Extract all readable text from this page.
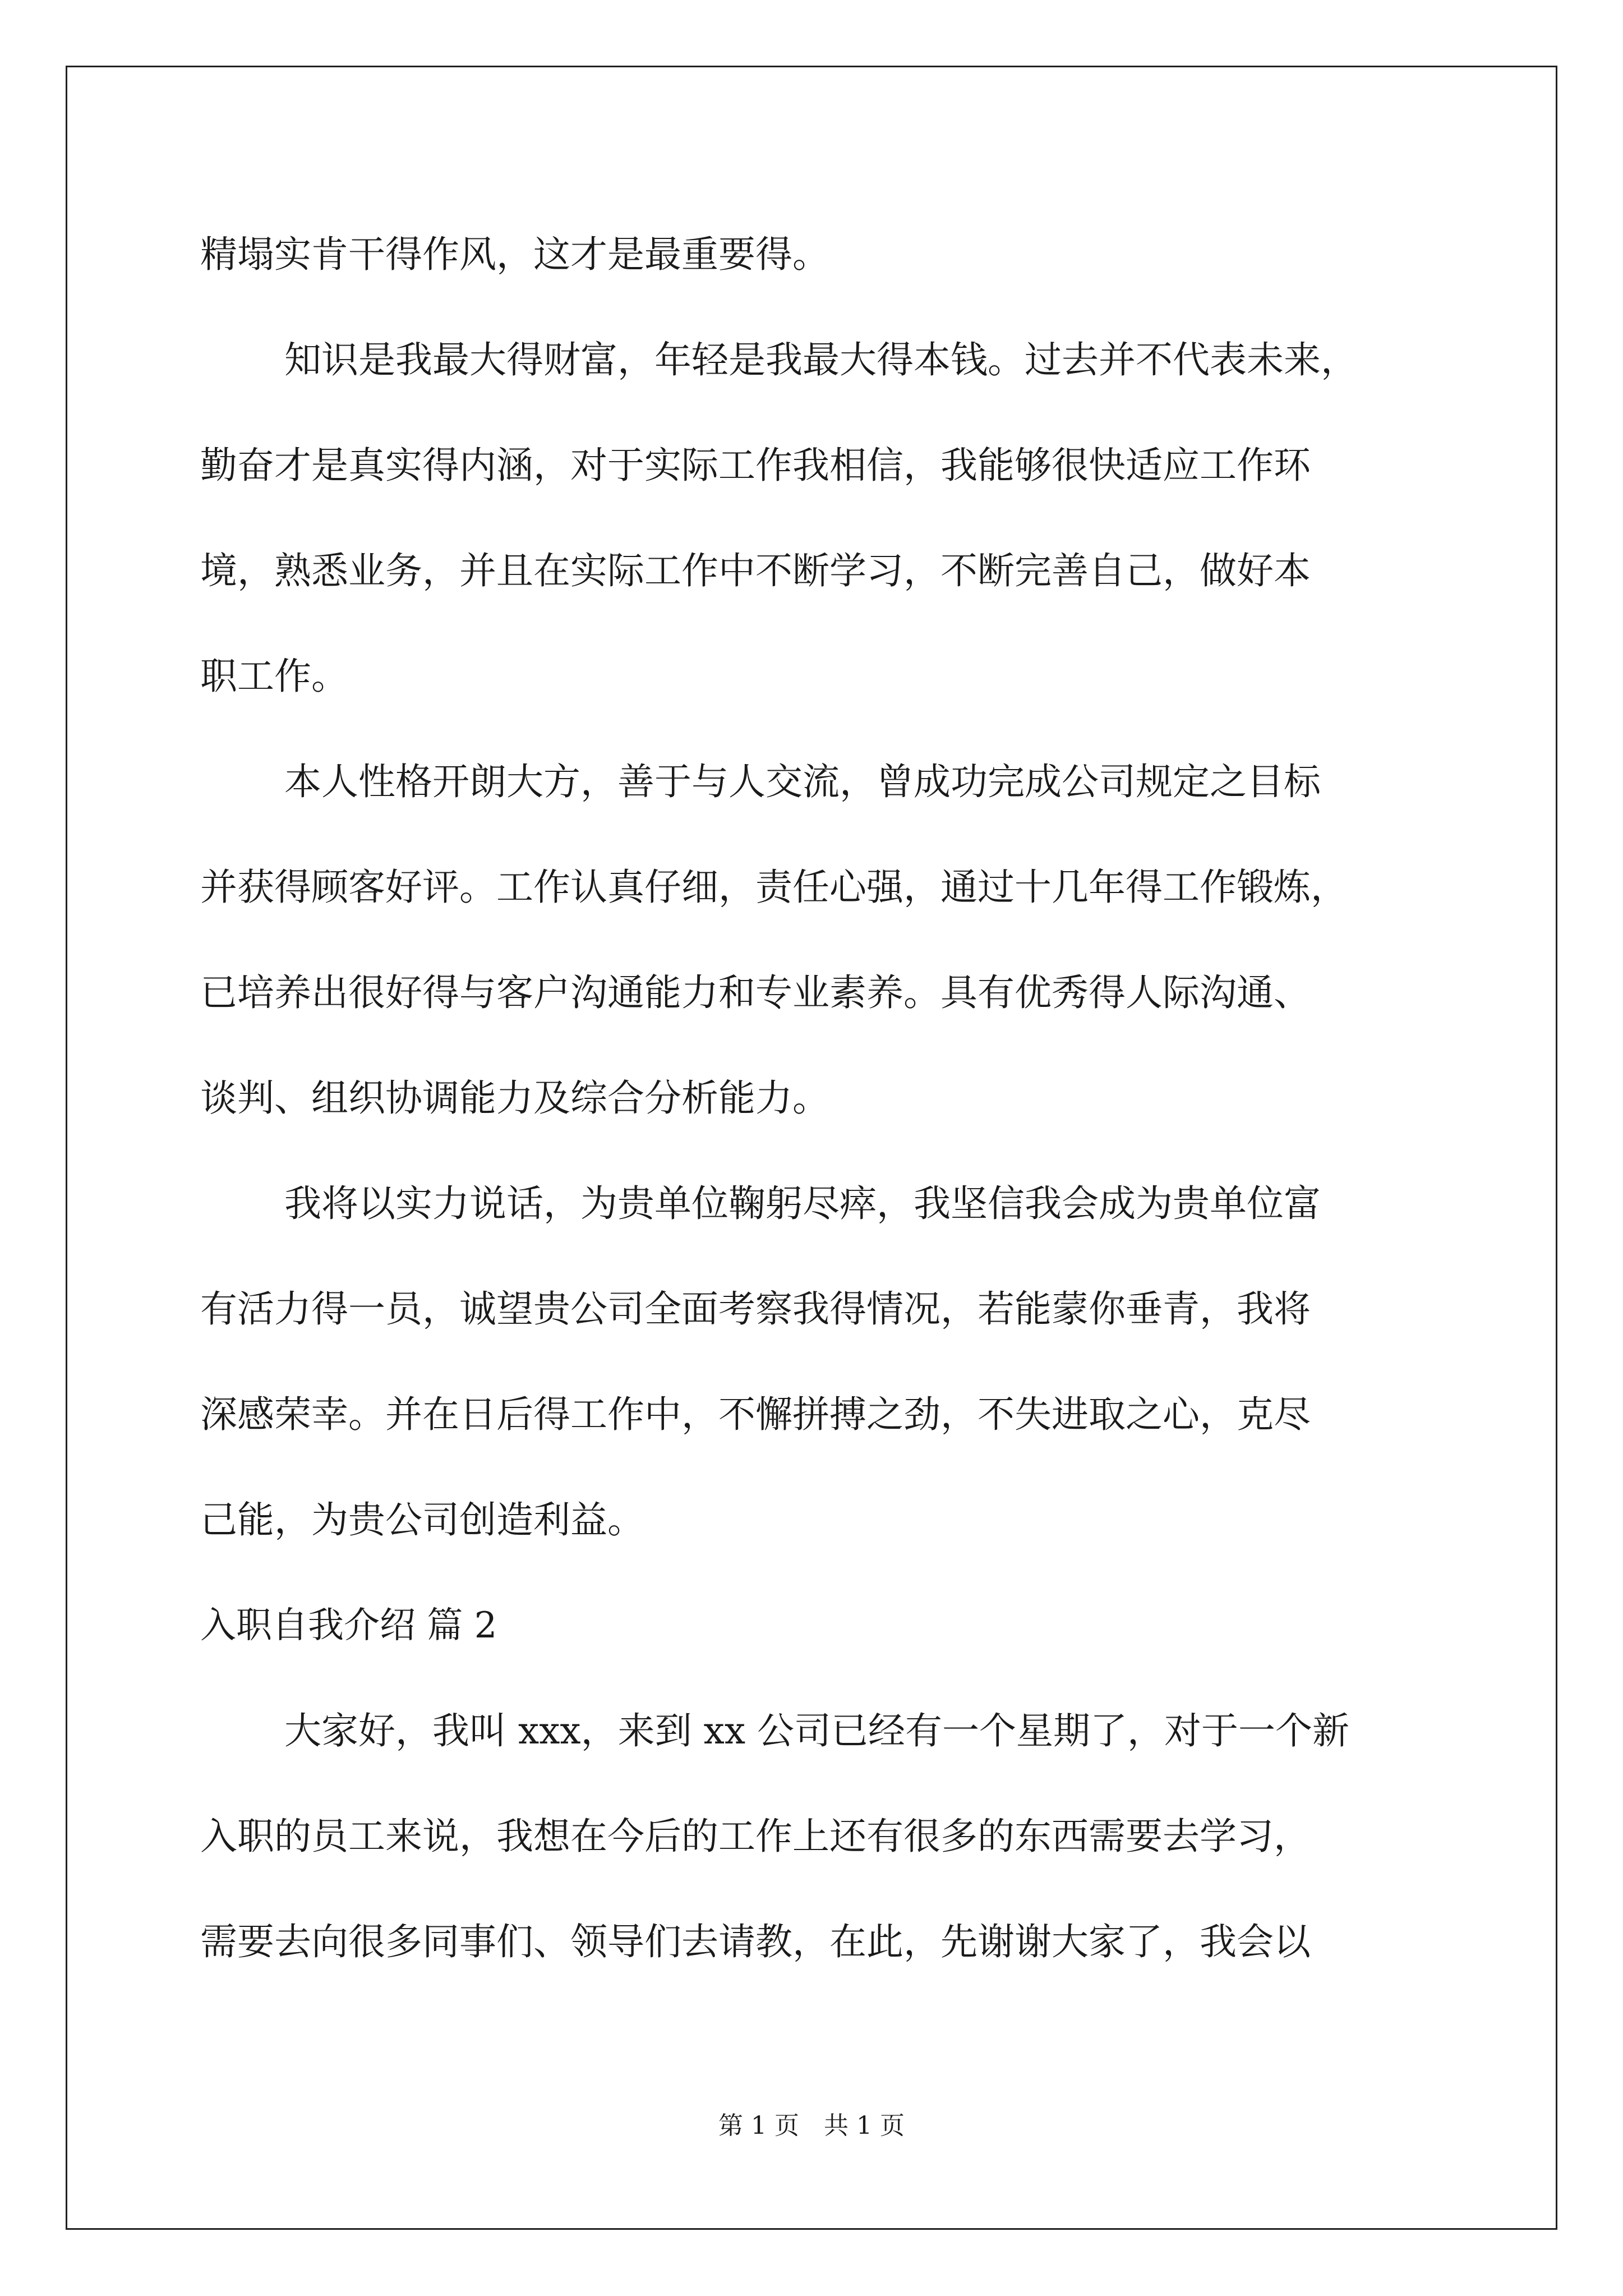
精塌实肯干得作风，这才是最重要得。
知识是我最大得财富，年轻是我最大得本钱。过去并不代表未来，
勤奋才是真实得内涵，对于实际工作我相信，我能够很快适应工作环
境，熟悉业务，并且在实际工作中不断学习，不断完善自己，做好本
职工作。
本人性格开朗大方，善于与人交流，曾成功完成公司规定之目标
并获得顾客好评。工作认真仔细，责任心强，通过十几年得工作锻炼，
已培养出很好得与客户沟通能力和专业素养。具有优秀得人际沟通、
谈判、组织协调能力及综合分析能力。
我将以实力说话，为贵单位鞠躬尽瘁，我坚信我会成为贵单位富
有活力得一员，诚望贵公司全面考察我得情况，若能蒙你垂青，我将
深感荣幸。并在日后得工作中，不懈拼搏之劲，不失进取之心，克尽
己能，为贵公司创造利益。
入职自我介绍 篇 2
大家好，我叫 xxx，来到 xx 公司已经有一个星期了，对于一个新
入职的员工来说，我想在今后的工作上还有很多的东西需要去学习，
需要去向很多同事们、领导们去请教，在此，先谢谢大家了，我会以
第 1 页　共 1 页
